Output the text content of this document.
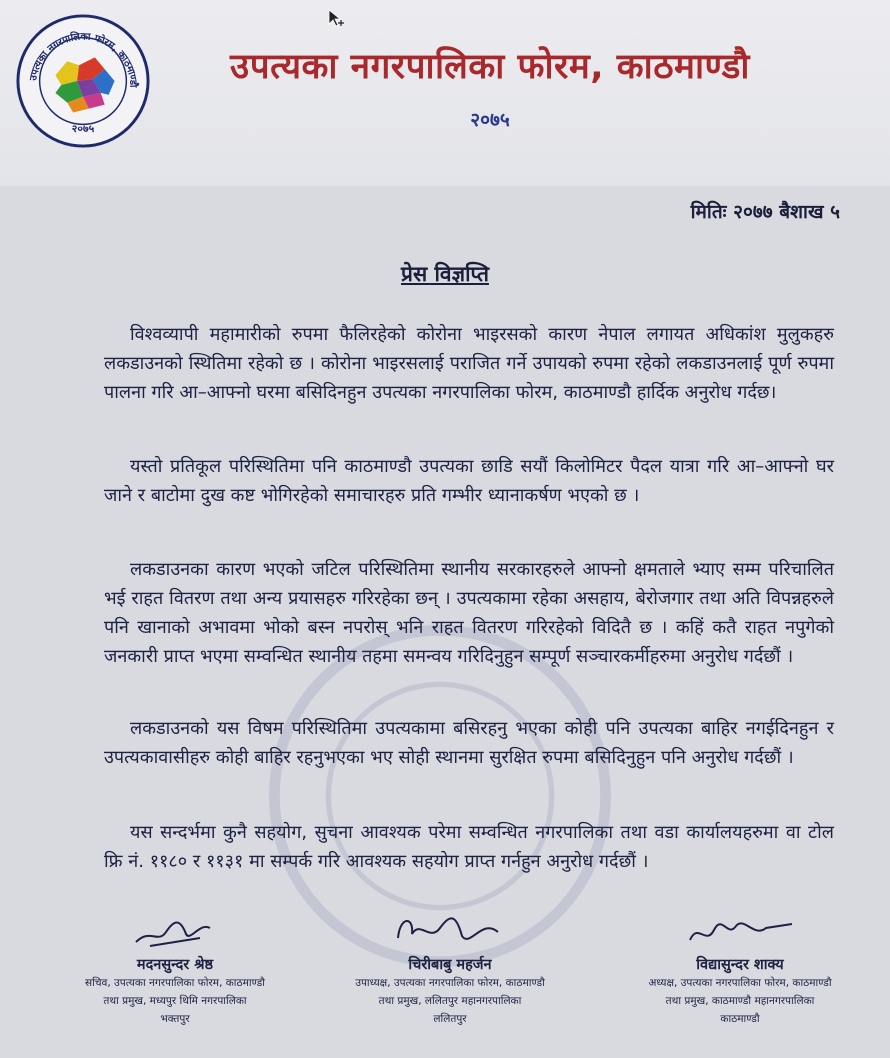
उपत्यका नगरपालिका फोरम, काठमाण्डौ
२०७५
उपत्यका नगरपालिका फोरम, काठमाण्डौ
२०७५
मितिः २०७७ बैशाख ५
प्रेस विज्ञप्ति
विश्वव्यापी महामारीको रुपमा फैलिरहेको कोरोना भाइरसको कारण नेपाल लगायत अधिकांश मुलुकहरु लकडाउनको स्थितिमा रहेको छ । कोरोना भाइरसलाई पराजित गर्ने उपायको रुपमा रहेको लकडाउनलाई पूर्ण रुपमा पालना गरि आ–आफ्नो घरमा बसिदिनहुन उपत्यका नगरपालिका फोरम, काठमाण्डौ हार्दिक अनुरोध गर्दछ।
यस्तो प्रतिकूल परिस्थितिमा पनि काठमाण्डौ उपत्यका छाडि सयौं किलोमिटर पैदल यात्रा गरि आ–आफ्नो घर जाने र बाटोमा दुख कष्ट भोगिरहेको समाचारहरु प्रति गम्भीर ध्यानाकर्षण भएको छ ।
लकडाउनका कारण भएको जटिल परिस्थितिमा स्थानीय सरकारहरुले आफ्नो क्षमताले भ्याए सम्म परिचालित भई राहत वितरण तथा अन्य प्रयासहरु गरिरहेका छन् । उपत्यकामा रहेका असहाय, बेरोजगार तथा अति विपन्नहरुले पनि खानाको अभावमा भोको बस्न नपरोस् भनि राहत वितरण गरिरहेको विदितै छ । कहिं कतै राहत नपुगेको जनकारी प्राप्त भएमा सम्वन्धित स्थानीय तहमा समन्वय गरिदिनुहुन सम्पूर्ण सञ्चारकर्मीहरुमा अनुरोध गर्दछौं ।
लकडाउनको यस विषम परिस्थितिमा उपत्यकामा बसिरहनु भएका कोही पनि उपत्यका बाहिर नगईदिनहुन र उपत्यकावासीहरु कोही बाहिर रहनुभएका भए सोही स्थानमा सुरक्षित रुपमा बसिदिनुहुन पनि अनुरोध गर्दछौं ।
यस सन्दर्भमा कुनै सहयोग, सुचना आवश्यक परेमा सम्वन्धित नगरपालिका तथा वडा कार्यालयहरुमा वा टोल फ्रि नं. ११८० र ११३१ मा सम्पर्क गरि आवश्यक सहयोग प्राप्त गर्नहुन अनुरोध गर्दछौं ।
मदनसुन्दर श्रेष्ठ
सचिव, उपत्यका नगरपालिका फोरम, काठमाण्डौ
तथा प्रमुख, मध्यपुर थिमि नगरपालिका
भक्तपुर
चिरीबाबु महर्जन
उपाध्यक्ष, उपत्यका नगरपालिका फोरम, काठमाण्डौ
तथा प्रमुख, ललितपुर महानगरपालिका
ललितपुर
विद्यासुन्दर शाक्य
अध्यक्ष, उपत्यका नगरपालिका फोरम, काठमाण्डौ
तथा प्रमुख, काठमाण्डौ महानगरपालिका
काठमाण्डौ
